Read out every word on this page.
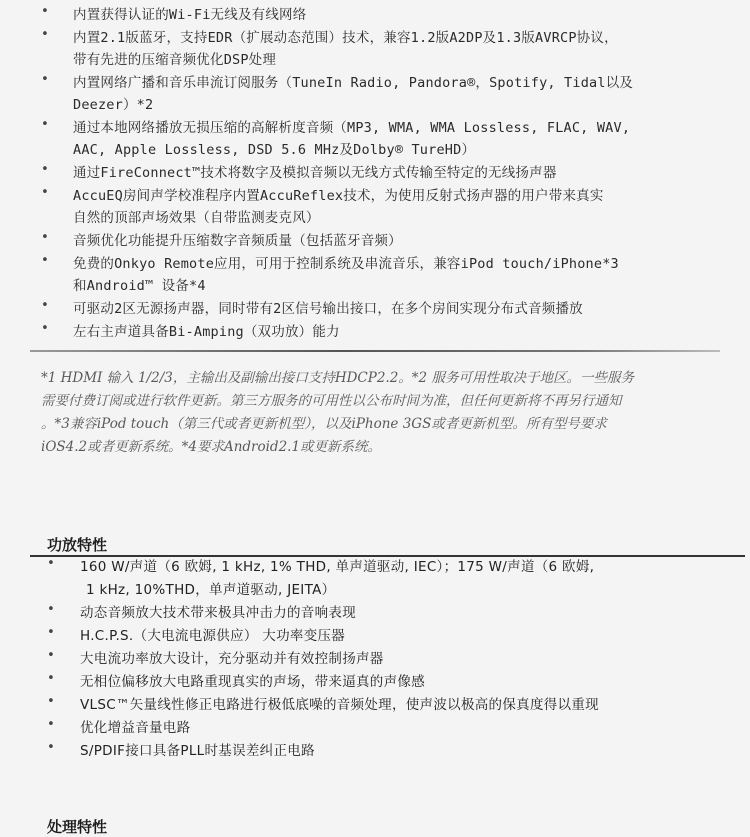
• 内置获得认证的Wi-Fi无线及有线网络
• 内置2.1版蓝牙，支持EDR（扩展动态范围）技术，兼容1.2版A2DP及1.3版AVRCP协议，
带有先进的压缩音频优化DSP处理
• 内置网络广播和音乐串流订阅服务（TuneIn Radio, Pandora®，Spotify, Tidal以及
Deezer）*2
• 通过本地网络播放无损压缩的高解析度音频（MP3, WMA, WMA Lossless, FLAC, WAV,
AAC, Apple Lossless, DSD 5.6 MHz及Dolby® TureHD）
• 通过FireConnect™技术将数字及模拟音频以无线方式传输至特定的无线扬声器
• AccuEQ房间声学校准程序内置AccuReflex技术，为使用反射式扬声器的用户带来真实
自然的顶部声场效果（自带监测麦克风）
• 音频优化功能提升压缩数字音频质量（包括蓝牙音频）
• 免费的Onkyo Remote应用，可用于控制系统及串流音乐，兼容iPod touch/iPhone*3
和Android™ 设备*4
• 可驱动2区无源扬声器，同时带有2区信号输出接口，在多个房间实现分布式音频播放
• 左右主声道具备Bi-Amping（双功放）能力
*1 HDMI 输入 1/2/3，主输出及副输出接口支持HDCP2.2。*2 服务可用性取决于地区。一些服务
需要付费订阅或进行软件更新。第三方服务的可用性以公布时间为准，但任何更新将不再另行通知
。*3兼容iPod touch（第三代或者更新机型），以及iPhone 3GS或者更新机型。所有型号要求
iOS4.2或者更新系统。*4要求Android2.1或更新系统。
功放特性
• 160 W/声道（6 欧姆, 1 kHz, 1% THD, 单声道驱动, IEC）；175 W/声道（6 欧姆,
1 kHz, 10%THD，单声道驱动, JEITA）
• 动态音频放大技术带来极具冲击力的音响表现
• H.C.P.S.（大电流电源供应） 大功率变压器
• 大电流功率放大设计，充分驱动并有效控制扬声器
• 无相位偏移放大电路重现真实的声场，带来逼真的声像感
• VLSC™矢量线性修正电路进行极低底噪的音频处理，使声波以极高的保真度得以重现
• 优化增益音量电路
• S/PDIF接口具备PLL时基误差纠正电路
处理特性
